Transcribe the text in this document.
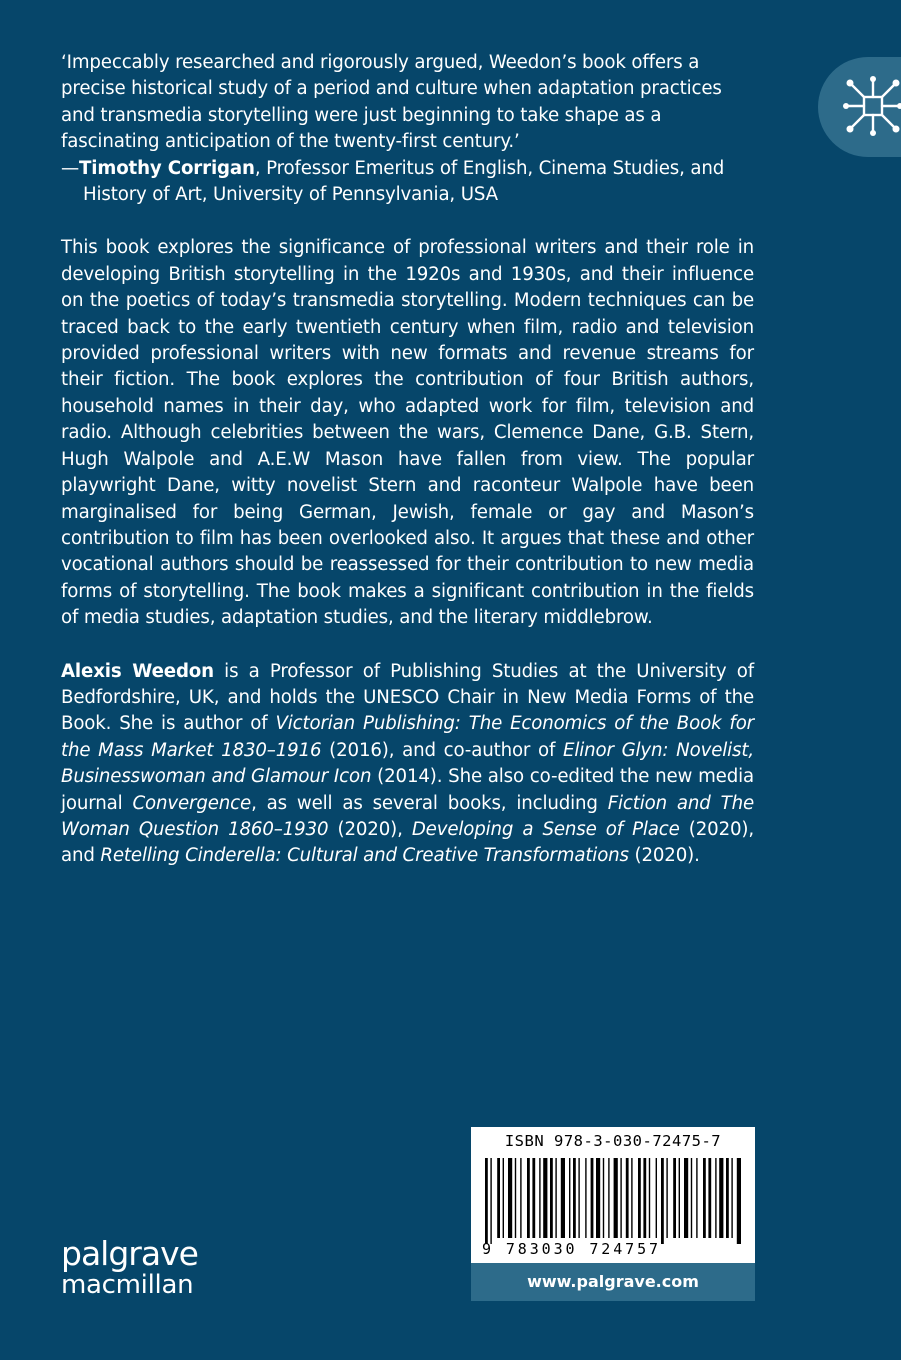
‘Impeccably researched and rigorously argued, Weedon’s book offers a precise historical study of a period and culture when adaptation practices and transmedia storytelling were just beginning to take shape as a fascinating anticipation of the twenty-first century.’

—Timothy Corrigan, Professor Emeritus of English, Cinema Studies, and History of Art, University of Pennsylvania, USA

This book explores the significance of professional writers and their role in developing British storytelling in the 1920s and 1930s, and their influence on the poetics of today’s transmedia storytelling. Modern techniques can be traced back to the early twentieth century when film, radio and television provided professional writers with new formats and revenue streams for their fiction. The book explores the contribution of four British authors, household names in their day, who adapted work for film, television and radio. Although celebrities between the wars, Clemence Dane, G.B. Stern, Hugh Walpole and A.E.W Mason have fallen from view. The popular playwright Dane, witty novelist Stern and raconteur Walpole have been marginalised for being German, Jewish, female or gay and Mason’s contribution to film has been overlooked also. It argues that these and other vocational authors should be reassessed for their contribution to new media forms of storytelling. The book makes a significant contribution in the fields of media studies, adaptation studies, and the literary middlebrow.

Alexis Weedon is a Professor of Publishing Studies at the University of Bedfordshire, UK, and holds the UNESCO Chair in New Media Forms of the Book. She is author of Victorian Publishing: The Economics of the Book for the Mass Market 1830–1916 (2016), and co-author of Elinor Glyn: Novelist, Businesswoman and Glamour Icon (2014). She also co-edited the new media journal Convergence, as well as several books, including Fiction and The Woman Question 1860–1930 (2020), Developing a Sense of Place (2020), and Retelling Cinderella: Cultural and Creative Transformations (2020).

palgrave
macmillan
ISBN 978-3-030-72475-7
9 783030 724757
www.palgrave.com
